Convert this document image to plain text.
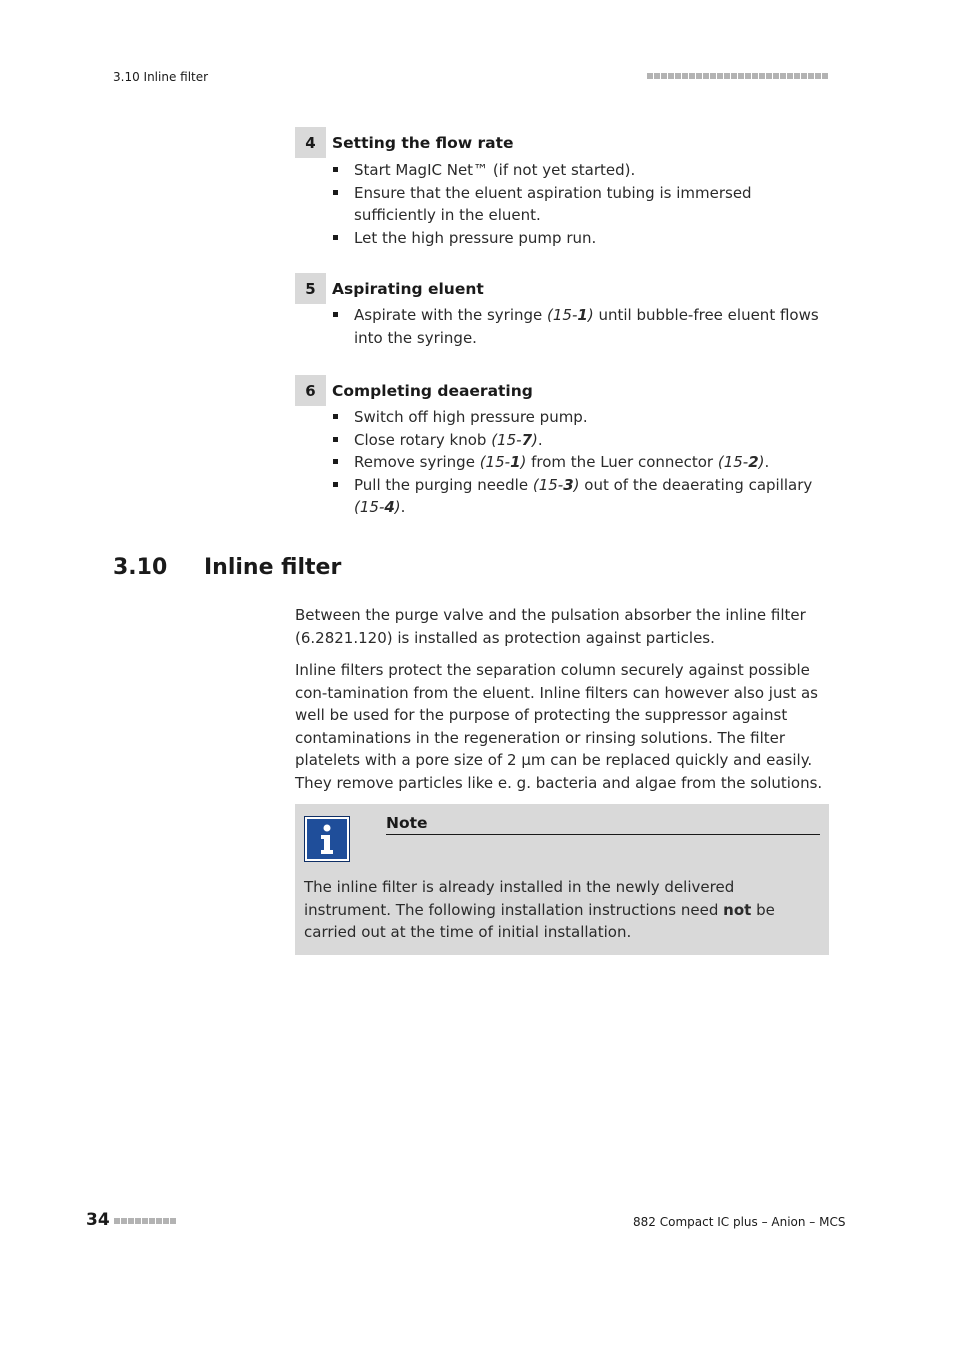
3.10 Inline filter
4	Setting the flow rate
Start MagIC Net™ (if not yet started).
Ensure that the eluent aspiration tubing is immersed sufficiently in the eluent.
Let the high pressure pump run.
5	Aspirating eluent
Aspirate with the syringe (15-1) until bubble-free eluent flows into the syringe.
6	Completing deaerating
Switch off high pressure pump.
Close rotary knob (15-7).
Remove syringe (15-1) from the Luer connector (15-2).
Pull the purging needle (15-3) out of the deaerating capillary (15-4).
3.10	Inline filter

Between the purge valve and the pulsation absorber the inline filter (6.2821.120) is installed as protection against particles.

Inline filters protect the separation column securely against possible con-tamination from the eluent. Inline filters can however also just as well be used for the purpose of protecting the suppressor against contaminations in the regeneration or rinsing solutions. The filter platelets with a pore size of 2 µm can be replaced quickly and easily. They remove particles like e. g. bacteria and algae from the solutions.

Note
The inline filter is already installed in the newly delivered instrument. The following installation instructions need not be carried out at the time of initial installation.
34	882 Compact IC plus – Anion – MCS
